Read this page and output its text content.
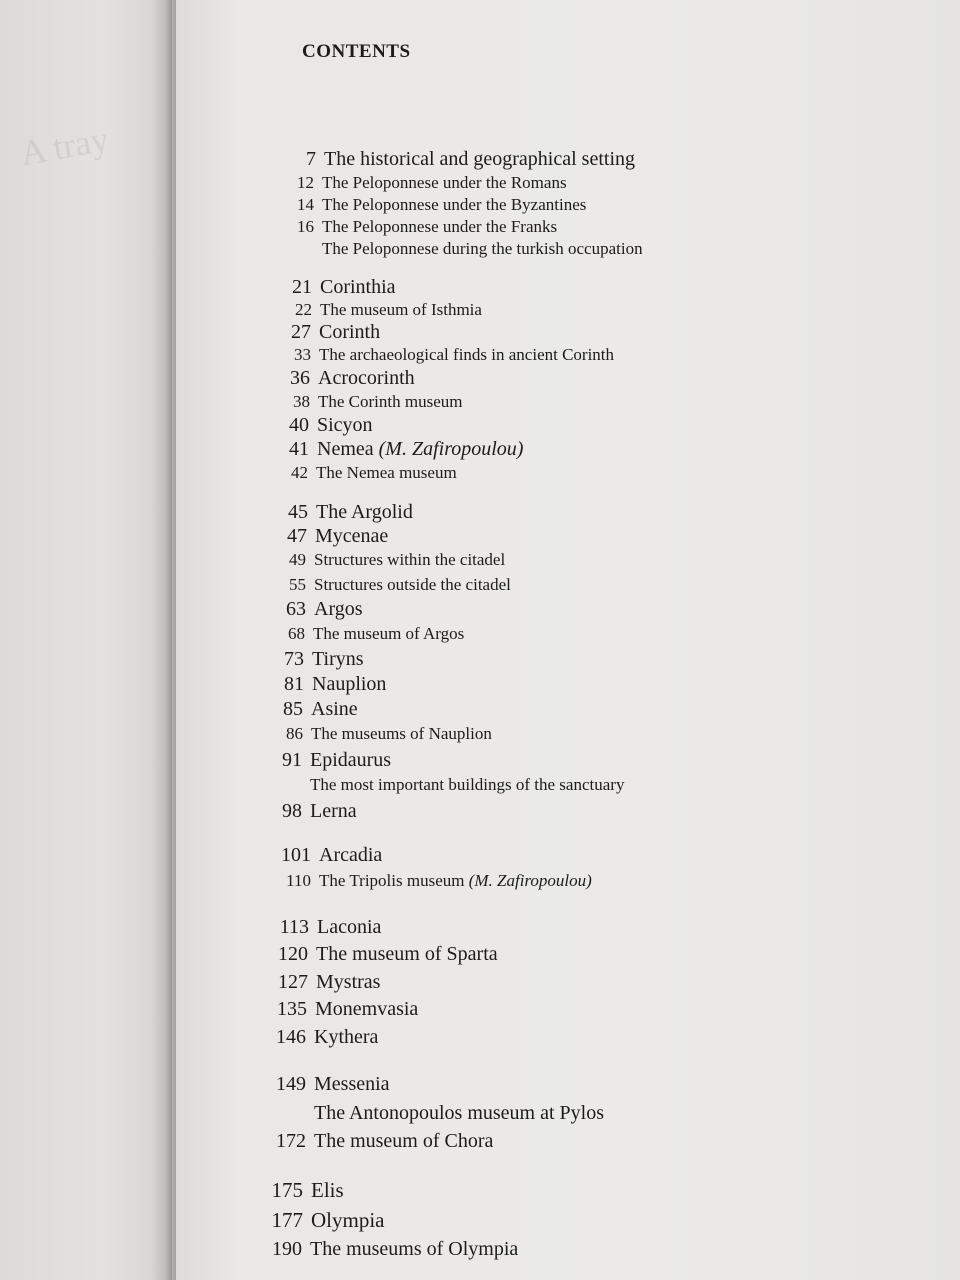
A tray
CONTENTS
7 The historical and geographical setting
12 The Peloponnese under the Romans
14 The Peloponnese under the Byzantines
16 The Peloponnese under the Franks
The Peloponnese during the turkish occupation
21 Corinthia
22 The museum of Isthmia
27 Corinth
33 The archaeological finds in ancient Corinth
36 Acrocorinth
38 The Corinth museum
40 Sicyon
41 Nemea (M. Zafiropoulou)
42 The Nemea museum
45 The Argolid
47 Mycenae
49 Structures within the citadel
55 Structures outside the citadel
63 Argos
68 The museum of Argos
73 Tiryns
81 Nauplion
85 Asine
86 The museums of Nauplion
91 Epidaurus
The most important buildings of the sanctuary
98 Lerna
101 Arcadia
110 The Tripolis museum (M. Zafiropoulou)
113 Laconia
120 The museum of Sparta
127 Mystras
135 Monemvasia
146 Kythera
149 Messenia
The Antonopoulos museum at Pylos
172 The museum of Chora
175 Elis
177 Olympia
190 The museums of Olympia
